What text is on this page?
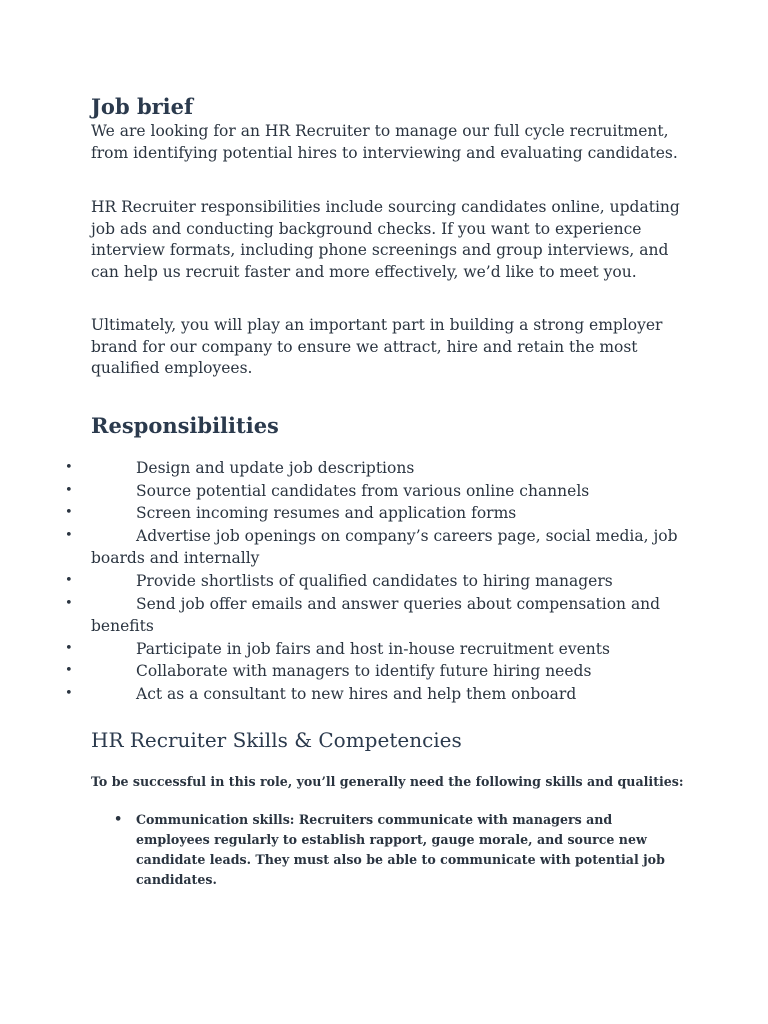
Job brief

We are looking for an HR Recruiter to manage our full cycle recruitment, from identifying potential hires to interviewing and evaluating candidates.

HR Recruiter responsibilities include sourcing candidates online, updating job ads and conducting background checks. If you want to experience interview formats, including phone screenings and group interviews, and can help us recruit faster and more effectively, we’d like to meet you.

Ultimately, you will play an important part in building a strong employer brand for our company to ensure we attract, hire and retain the most qualified employees.

Responsibilities
•	Design and update job descriptions
•	Source potential candidates from various online channels
•	Screen incoming resumes and application forms
•	Advertise job openings on company’s careers page, social media, job boards and internally
•	Provide shortlists of qualified candidates to hiring managers
•	Send job offer emails and answer queries about compensation and benefits
•	Participate in job fairs and host in-house recruitment events
•	Collaborate with managers to identify future hiring needs
•	Act as a consultant to new hires and help them onboard
HR Recruiter Skills & Competencies

To be successful in this role, you’ll generally need the following skills and qualities:

• Communication skills: Recruiters communicate with managers and employees regularly to establish rapport, gauge morale, and source new candidate leads. They must also be able to communicate with potential job candidates.
